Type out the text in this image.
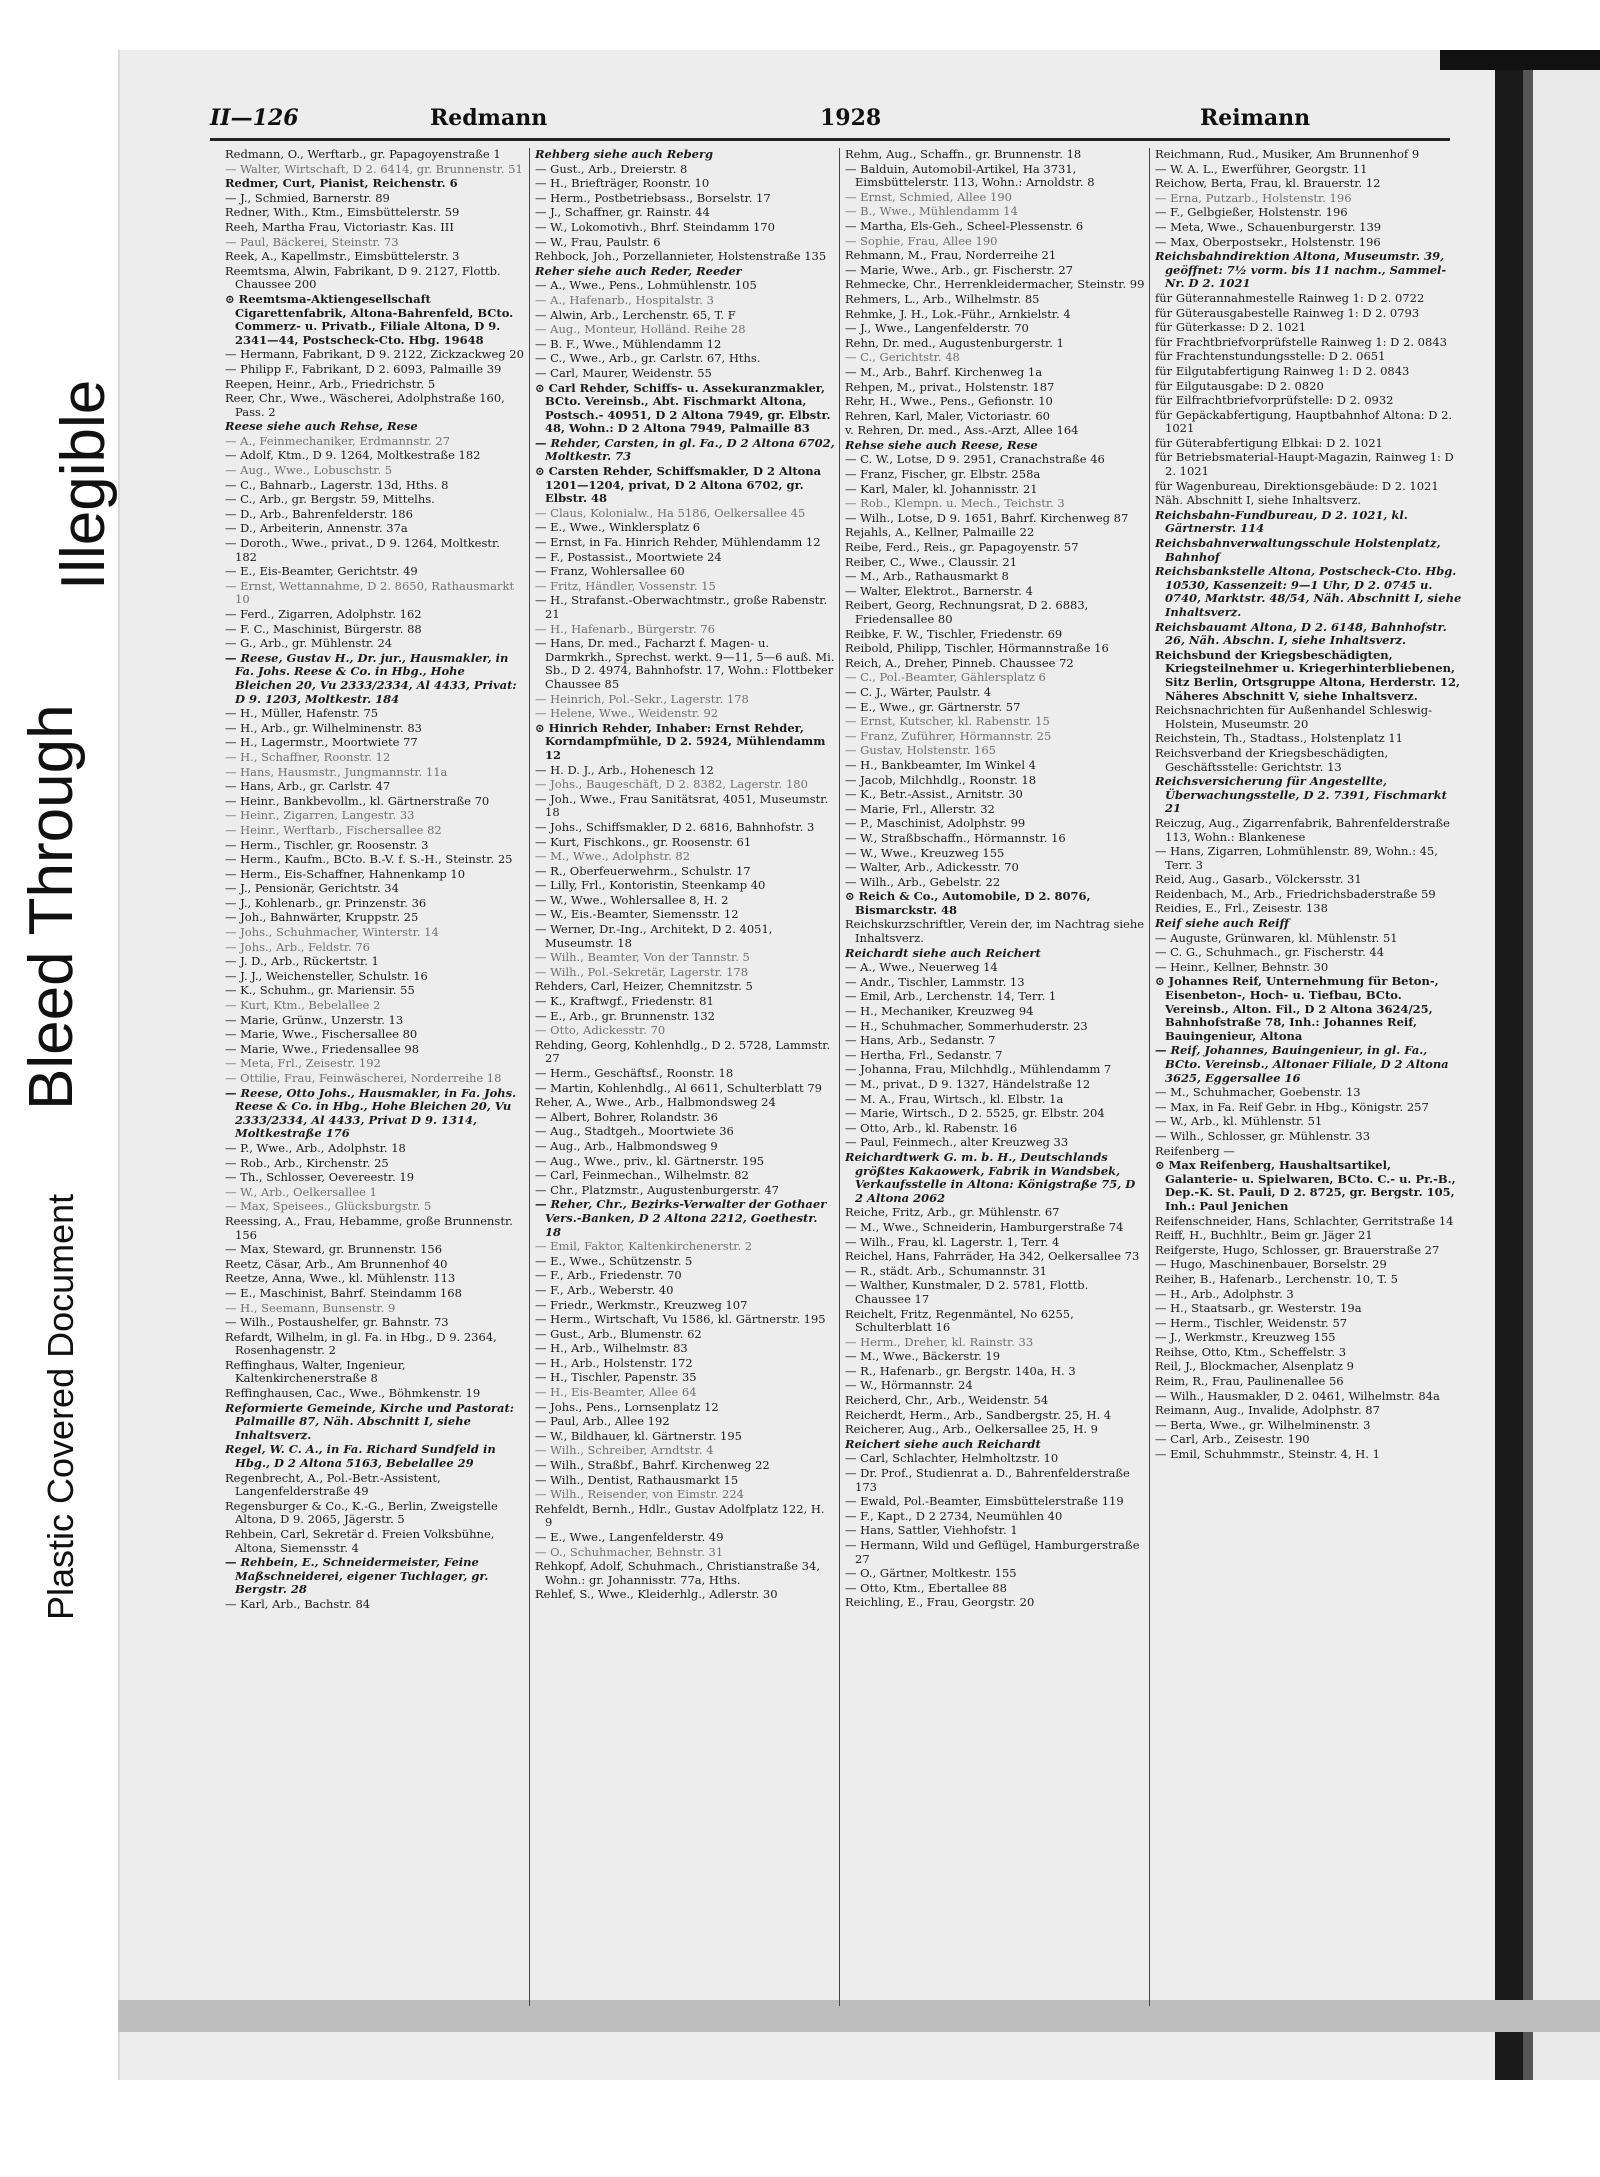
Plastic Covered Document
Bleed Through
Illegible
II—126	Redmann	1928	Reimann
Redmann, O., Werftarb., gr. Papagoyenstraße 1
— Walter, Wirtschaft, D 2. 6414, gr. Brunnenstr. 51
Redmer, Curt, Pianist, Reichenstr. 6
— J., Schmied, Barnerstr. 89
Redner, With., Ktm., Eimsbüttelerstr. 59
Reeh, Martha Frau, Victoriastr. Kas. III
— Paul, Bäckerei, Steinstr. 73
Reek, A., Kapellmstr., Eimsbüttelerstr. 3
Reemtsma, Alwin, Fabrikant, D 9. 2127, Flottb. Chaussee 200
⊙ Reemtsma-Aktiengesellschaft Cigarettenfabrik, Altona-Bahrenfeld, BCto. Commerz- u. Privatb., Filiale Altona, D 9. 2341—44, Postscheck-Cto. Hbg. 19648
— Hermann, Fabrikant, D 9. 2122, Zickzackweg 20
— Philipp F., Fabrikant, D 2. 6093, Palmaille 39
Reepen, Heinr., Arb., Friedrichstr. 5
Reer, Chr., Wwe., Wäscherei, Adolphstraße 160, Pass. 2
Reese siehe auch Rehse, Rese
— A., Feinmechaniker, Erdmannstr. 27
— Adolf, Ktm., D 9. 1264, Moltkestraße 182
— Aug., Wwe., Lobuschstr. 5
— C., Bahnarb., Lagerstr. 13d, Hths. 8
— C., Arb., gr. Bergstr. 59, Mittelhs.
— D., Arb., Bahrenfelderstr. 186
— D., Arbeiterin, Annenstr. 37a
— Doroth., Wwe., privat., D 9. 1264, Moltkestr. 182
— E., Eis-Beamter, Gerichtstr. 49
— Ernst, Wettannahme, D 2. 8650, Rathausmarkt 10
— Ferd., Zigarren, Adolphstr. 162
— F. C., Maschinist, Bürgerstr. 88
— G., Arb., gr. Mühlenstr. 24
— Reese, Gustav H., Dr. jur., Hausmakler, in Fa. Johs. Reese & Co. in Hbg., Hohe Bleichen 20, Vu 2333/2334, Al 4433, Privat: D 9. 1203, Moltkestr. 184
— H., Müller, Hafenstr. 75
— H., Arb., gr. Wilhelminenstr. 83
— H., Lagermstr., Moortwiete 77
— H., Schaffner, Roonstr. 12
— Hans, Hausmstr., Jungmannstr. 11a
— Hans, Arb., gr. Carlstr. 47
— Heinr., Bankbevollm., kl. Gärtnerstraße 70
— Heinr., Zigarren, Langestr. 33
— Heinr., Werftarb., Fischersallee 82
— Herm., Tischler, gr. Roosenstr. 3
— Herm., Kaufm., BCto. B.-V. f. S.-H., Steinstr. 25
— Herm., Eis-Schaffner, Hahnenkamp 10
— J., Pensionär, Gerichtstr. 34
— J., Kohlenarb., gr. Prinzenstr. 36
— Joh., Bahnwärter, Kruppstr. 25
— Johs., Schuhmacher, Winterstr. 14
— Johs., Arb., Feldstr. 76
— J. D., Arb., Rückertstr. 1
— J. J., Weichensteller, Schulstr. 16
— K., Schuhm., gr. Mariensir. 55
— Kurt, Ktm., Bebelallee 2
— Marie, Grünw., Unzerstr. 13
— Marie, Wwe., Fischersallee 80
— Marie, Wwe., Friedensallee 98
— Meta, Frl., Zeisestr. 192
— Ottilie, Frau, Feinwäscherei, Norderreihe 18
— Reese, Otto Johs., Hausmakler, in Fa. Johs. Reese & Co. in Hbg., Hohe Bleichen 20, Vu 2333/2334, Al 4433, Privat D 9. 1314, Moltkestraße 176
— P., Wwe., Arb., Adolphstr. 18
— Rob., Arb., Kirchenstr. 25
— Th., Schlosser, Oevereestr. 19
— W., Arb., Oelkersallee 1
— Max, Speisees., Glücksburgstr. 5
Reessing, A., Frau, Hebamme, große Brunnenstr. 156
— Max, Steward, gr. Brunnenstr. 156
Reetz, Cäsar, Arb., Am Brunnenhof 40
Reetze, Anna, Wwe., kl. Mühlenstr. 113
— E., Maschinist, Bahrf. Steindamm 168
— H., Seemann, Bunsenstr. 9
— Wilh., Postaushelfer, gr. Bahnstr. 73
Refardt, Wilhelm, in gl. Fa. in Hbg., D 9. 2364, Rosenhagenstr. 2
Reffinghaus, Walter, Ingenieur, Kaltenkirchenerstraße 8
Reffinghausen, Cac., Wwe., Böhmkenstr. 19
Reformierte Gemeinde, Kirche und Pastorat: Palmaille 87, Näh. Abschnitt I, siehe Inhaltsverz.
Regel, W. C. A., in Fa. Richard Sundfeld in Hbg., D 2 Altona 5163, Bebelallee 29
Regenbrecht, A., Pol.-Betr.-Assistent, Langenfelderstraße 49
Regensburger & Co., K.-G., Berlin, Zweigstelle Altona, D 9. 2065, Jägerstr. 5
Rehbein, Carl, Sekretär d. Freien Volksbühne, Altona, Siemensstr. 4
— Rehbein, E., Schneidermeister, Feine Maßschneiderei, eigener Tuchlager, gr. Bergstr. 28
— Karl, Arb., Bachstr. 84
Rehberg siehe auch Reberg
— Gust., Arb., Dreierstr. 8
— H., Briefträger, Roonstr. 10
— Herm., Postbetriebsass., Borselstr. 17
— J., Schaffner, gr. Rainstr. 44
— W., Lokomotivh., Bhrf. Steindamm 170
— W., Frau, Paulstr. 6
Rehbock, Joh., Porzellannieter, Holstenstraße 135
Reher siehe auch Reder, Reeder
— A., Wwe., Pens., Lohmühlenstr. 105
— A., Hafenarb., Hospitalstr. 3
— Alwin, Arb., Lerchenstr. 65, T. F
— Aug., Monteur, Holländ. Reihe 28
— B. F., Wwe., Mühlendamm 12
— C., Wwe., Arb., gr. Carlstr. 67, Hths.
— Carl, Maurer, Weidenstr. 55
⊙ Carl Rehder, Schiffs- u. Assekuranzmakler, BCto. Vereinsb., Abt. Fischmarkt Altona, Postsch.- 40951, D 2 Altona 7949, gr. Elbstr. 48, Wohn.: D 2 Altona 7949, Palmaille 83
— Rehder, Carsten, in gl. Fa., D 2 Altona 6702, Moltkestr. 73
⊙ Carsten Rehder, Schiffsmakler, D 2 Altona 1201—1204, privat, D 2 Altona 6702, gr. Elbstr. 48
— Claus, Kolonialw., Ha 5186, Oelkersallee 45
— E., Wwe., Winklersplatz 6
— Ernst, in Fa. Hinrich Rehder, Mühlendamm 12
— F., Postassist., Moortwiete 24
— Franz, Wohlersallee 60
— Fritz, Händler, Vossenstr. 15
— H., Strafanst.-Oberwachtmstr., große Rabenstr. 21
— H., Hafenarb., Bürgerstr. 76
— Hans, Dr. med., Facharzt f. Magen- u. Darmkrkh., Sprechst. werkt. 9—11, 5—6 auß. Mi. Sb., D 2. 4974, Bahnhofstr. 17, Wohn.: Flottbeker Chaussee 85
— Heinrich, Pol.-Sekr., Lagerstr. 178
— Helene, Wwe., Weidenstr. 92
⊙ Hinrich Rehder, Inhaber: Ernst Rehder, Korndampfmühle, D 2. 5924, Mühlendamm 12
— H. D. J., Arb., Hohenesch 12
— Johs., Baugeschäft, D 2. 8382, Lagerstr. 180
— Joh., Wwe., Frau Sanitätsrat, 4051, Museumstr. 18
— Johs., Schiffsmakler, D 2. 6816, Bahnhofstr. 3
— Kurt, Fischkons., gr. Roosenstr. 61
— M., Wwe., Adolphstr. 82
— R., Oberfeuerwehrm., Schulstr. 17
— Lilly, Frl., Kontoristin, Steenkamp 40
— W., Wwe., Wohlersallee 8, H. 2
— W., Eis.-Beamter, Siemensstr. 12
— Werner, Dr.-Ing., Architekt, D 2. 4051, Museumstr. 18
— Wilh., Beamter, Von der Tannstr. 5
— Wilh., Pol.-Sekretär, Lagerstr. 178
Rehders, Carl, Heizer, Chemnitzstr. 5
— K., Kraftwgf., Friedenstr. 81
— E., Arb., gr. Brunnenstr. 132
— Otto, Adickesstr. 70
Rehding, Georg, Kohlenhdlg., D 2. 5728, Lammstr. 27
— Herm., Geschäftsf., Roonstr. 18
— Martin, Kohlenhdlg., Al 6611, Schulterblatt 79
Reher, A., Wwe., Arb., Halbmondsweg 24
— Albert, Bohrer, Rolandstr. 36
— Aug., Stadtgeh., Moortwiete 36
— Aug., Arb., Halbmondsweg 9
— Aug., Wwe., priv., kl. Gärtnerstr. 195
— Carl, Feinmechan., Wilhelmstr. 82
— Chr., Platzmstr., Augustenburgerstr. 47
— Reher, Chr., Bezirks-Verwalter der Gothaer Vers.-Banken, D 2 Altona 2212, Goethestr. 18
— Emil, Faktor, Kaltenkirchenerstr. 2
— E., Wwe., Schützenstr. 5
— F., Arb., Friedenstr. 70
— F., Arb., Weberstr. 40
— Friedr., Werkmstr., Kreuzweg 107
— Herm., Wirtschaft, Vu 1586, kl. Gärtnerstr. 195
— Gust., Arb., Blumenstr. 62
— H., Arb., Wilhelmstr. 83
— H., Arb., Holstenstr. 172
— H., Tischler, Papenstr. 35
— H., Eis-Beamter, Allee 64
— Johs., Pens., Lornsenplatz 12
— Paul, Arb., Allee 192
— W., Bildhauer, kl. Gärtnerstr. 195
— Wilh., Schreiber, Arndtstr. 4
— Wilh., Straßbf., Bahrf. Kirchenweg 22
— Wilh., Dentist, Rathausmarkt 15
— Wilh., Reisender, von Eimstr. 224
Rehfeldt, Bernh., Hdlr., Gustav Adolfplatz 122, H. 9
— E., Wwe., Langenfelderstr. 49
— O., Schuhmacher, Behnstr. 31
Rehkopf, Adolf, Schuhmach., Christianstraße 34, Wohn.: gr. Johannisstr. 77a, Hths.
Rehlef, S., Wwe., Kleiderhlg., Adlerstr. 30
Rehm, Aug., Schaffn., gr. Brunnenstr. 18
— Balduin, Automobil-Artikel, Ha 3731, Eimsbüttelerstr. 113, Wohn.: Arnoldstr. 8
— Ernst, Schmied, Allee 190
— B., Wwe., Mühlendamm 14
— Martha, Els-Geh., Scheel-Plessenstr. 6
— Sophie, Frau, Allee 190
Rehmann, M., Frau, Norderreihe 21
— Marie, Wwe., Arb., gr. Fischerstr. 27
Rehmecke, Chr., Herrenkleidermacher, Steinstr. 99
Rehmers, L., Arb., Wilhelmstr. 85
Rehmke, J. H., Lok.-Führ., Arnkielstr. 4
— J., Wwe., Langenfelderstr. 70
Rehn, Dr. med., Augustenburgerstr. 1
— C., Gerichtstr. 48
— M., Arb., Bahrf. Kirchenweg 1a
Rehpen, M., privat., Holstenstr. 187
Rehr, H., Wwe., Pens., Gefionstr. 10
Rehren, Karl, Maler, Victoriastr. 60
v. Rehren, Dr. med., Ass.-Arzt, Allee 164
Rehse siehe auch Reese, Rese
— C. W., Lotse, D 9. 2951, Cranachstraße 46
— Franz, Fischer, gr. Elbstr. 258a
— Karl, Maler, kl. Johannisstr. 21
— Rob., Klempn. u. Mech., Teichstr. 3
— Wilh., Lotse, D 9. 1651, Bahrf. Kirchenweg 87
Rejahls, A., Kellner, Palmaille 22
Reibe, Ferd., Reis., gr. Papagoyenstr. 57
Reiber, C., Wwe., Claussir. 21
— M., Arb., Rathausmarkt 8
— Walter, Elektrot., Barnerstr. 4
Reibert, Georg, Rechnungsrat, D 2. 6883, Friedensallee 80
Reibke, F. W., Tischler, Friedenstr. 69
Reibold, Philipp, Tischler, Hörmannstraße 16
Reich, A., Dreher, Pinneb. Chaussee 72
— C., Pol.-Beamter, Gählersplatz 6
— C. J., Wärter, Paulstr. 4
— E., Wwe., gr. Gärtnerstr. 57
— Ernst, Kutscher, kl. Rabenstr. 15
— Franz, Zuführer, Hörmannstr. 25
— Gustav, Holstenstr. 165
— H., Bankbeamter, Im Winkel 4
— Jacob, Milchhdlg., Roonstr. 18
— K., Betr.-Assist., Arnitstr. 30
— Marie, Frl., Allerstr. 32
— P., Maschinist, Adolphstr. 99
— W., Straßbschaffn., Hörmannstr. 16
— W., Wwe., Kreuzweg 155
— Walter, Arb., Adickesstr. 70
— Wilh., Arb., Gebelstr. 22
⊙ Reich & Co., Automobile, D 2. 8076, Bismarckstr. 48
Reichskurzschriftler, Verein der, im Nachtrag siehe Inhaltsverz.
Reichardt siehe auch Reichert
— A., Wwe., Neuerweg 14
— Andr., Tischler, Lammstr. 13
— Emil, Arb., Lerchenstr. 14, Terr. 1
— H., Mechaniker, Kreuzweg 94
— H., Schuhmacher, Sommerhuderstr. 23
— Hans, Arb., Sedanstr. 7
— Hertha, Frl., Sedanstr. 7
— Johanna, Frau, Milchhdlg., Mühlendamm 7
— M., privat., D 9. 1327, Händelstraße 12
— M. A., Frau, Wirtsch., kl. Elbstr. 1a
— Marie, Wirtsch., D 2. 5525, gr. Elbstr. 204
— Otto, Arb., kl. Rabenstr. 16
— Paul, Feinmech., alter Kreuzweg 33
Reichardtwerk G. m. b. H., Deutschlands größtes Kakaowerk, Fabrik in Wandsbek, Verkaufsstelle in Altona: Königstraße 75, D 2 Altona 2062
Reiche, Fritz, Arb., gr. Mühlenstr. 67
— M., Wwe., Schneiderin, Hamburgerstraße 74
— Wilh., Frau, kl. Lagerstr. 1, Terr. 4
Reichel, Hans, Fahrräder, Ha 342, Oelkersallee 73
— R., städt. Arb., Schumannstr. 31
— Walther, Kunstmaler, D 2. 5781, Flottb. Chaussee 17
Reichelt, Fritz, Regenmäntel, No 6255, Schulterblatt 16
— Herm., Dreher, kl. Rainstr. 33
— M., Wwe., Bäckerstr. 19
— R., Hafenarb., gr. Bergstr. 140a, H. 3
— W., Hörmannstr. 24
Reicherd, Chr., Arb., Weidenstr. 54
Reicherdt, Herm., Arb., Sandbergstr. 25, H. 4
Reicherer, Aug., Arb., Oelkersallee 25, H. 9
Reichert siehe auch Reichardt
— Carl, Schlachter, Helmholtzstr. 10
— Dr. Prof., Studienrat a. D., Bahrenfelderstraße 173
— Ewald, Pol.-Beamter, Eimsbüttelerstraße 119
— F., Kapt., D 2 2734, Neumühlen 40
— Hans, Sattler, Viehhofstr. 1
— Hermann, Wild und Geflügel, Hamburgerstraße 27
— O., Gärtner, Moltkestr. 155
— Otto, Ktm., Ebertallee 88
Reichling, E., Frau, Georgstr. 20
Reichmann, Rud., Musiker, Am Brunnenhof 9
— W. A. L., Ewerführer, Georgstr. 11
Reichow, Berta, Frau, kl. Brauerstr. 12
— Erna, Putzarb., Holstenstr. 196
— F., Gelbgießer, Holstenstr. 196
— Meta, Wwe., Schauenburgerstr. 139
— Max, Oberpostsekr., Holstenstr. 196
Reichsbahndirektion Altona, Museumstr. 39, geöffnet: 7½ vorm. bis 11 nachm., Sammel-Nr. D 2. 1021
für Güterannahmestelle Rainweg 1: D 2. 0722
für Güterausgabestelle Rainweg 1: D 2. 0793
für Güterkasse: D 2. 1021
für Frachtbriefvorprüfstelle Rainweg 1: D 2. 0843
für Frachtenstundungsstelle: D 2. 0651
für Eilgutabfertigung Rainweg 1: D 2. 0843
für Eilgutausgabe: D 2. 0820
für Eilfrachtbriefvorprüfstelle: D 2. 0932
für Gepäckabfertigung, Hauptbahnhof Altona: D 2. 1021
für Güterabfertigung Elbkai: D 2. 1021
für Betriebsmaterial-Haupt-Magazin, Rainweg 1: D 2. 1021
für Wagenbureau, Direktionsgebäude: D 2. 1021
Näh. Abschnitt I, siehe Inhaltsverz.
Reichsbahn-Fundbureau, D 2. 1021, kl. Gärtnerstr. 114
Reichsbahnverwaltungsschule Holstenplatz, Bahnhof
Reichsbankstelle Altona, Postscheck-Cto. Hbg. 10530, Kassenzeit: 9—1 Uhr, D 2. 0745 u. 0740, Marktstr. 48/54, Näh. Abschnitt I, siehe Inhaltsverz.
Reichsbauamt Altona, D 2. 6148, Bahnhofstr. 26, Näh. Abschn. I, siehe Inhaltsverz.
Reichsbund der Kriegsbeschädigten, Kriegsteilnehmer u. Kriegerhinterbliebenen, Sitz Berlin, Ortsgruppe Altona, Herderstr. 12, Näheres Abschnitt V, siehe Inhaltsverz.
Reichsnachrichten für Außenhandel Schleswig-Holstein, Museumstr. 20
Reichstein, Th., Stadtass., Holstenplatz 11
Reichsverband der Kriegsbeschädigten, Geschäftsstelle: Gerichtstr. 13
Reichsversicherung für Angestellte, Überwachungsstelle, D 2. 7391, Fischmarkt 21
Reiczug, Aug., Zigarrenfabrik, Bahrenfelderstraße 113, Wohn.: Blankenese
— Hans, Zigarren, Lohmühlenstr. 89, Wohn.: 45, Terr. 3
Reid, Aug., Gasarb., Völckersstr. 31
Reidenbach, M., Arb., Friedrichsbaderstraße 59
Reidies, E., Frl., Zeisestr. 138
Reif siehe auch Reiff
— Auguste, Grünwaren, kl. Mühlenstr. 51
— C. G., Schuhmach., gr. Fischerstr. 44
— Heinr., Kellner, Behnstr. 30
⊙ Johannes Reif, Unternehmung für Beton-, Eisenbeton-, Hoch- u. Tiefbau, BCto. Vereinsb., Alton. Fil., D 2 Altona 3624/25, Bahnhofstraße 78, Inh.: Johannes Reif, Bauingenieur, Altona
— Reif, Johannes, Bauingenieur, in gl. Fa., BCto. Vereinsb., Altonaer Filiale, D 2 Altona 3625, Eggersallee 16
— M., Schuhmacher, Goebenstr. 13
— Max, in Fa. Reif Gebr. in Hbg., Königstr. 257
— W., Arb., kl. Mühlenstr. 51
— Wilh., Schlosser, gr. Mühlenstr. 33
Reifenberg —
⊙ Max Reifenberg, Haushaltsartikel, Galanterie- u. Spielwaren, BCto. C.- u. Pr.-B., Dep.-K. St. Pauli, D 2. 8725, gr. Bergstr. 105, Inh.: Paul Jenichen
Reifenschneider, Hans, Schlachter, Gerritstraße 14
Reiff, H., Buchhltr., Beim gr. Jäger 21
Reifgerste, Hugo, Schlosser, gr. Brauerstraße 27
— Hugo, Maschinenbauer, Borselstr. 29
Reiher, B., Hafenarb., Lerchenstr. 10, T. 5
— H., Arb., Adolphstr. 3
— H., Staatsarb., gr. Westerstr. 19a
— Herm., Tischler, Weidenstr. 57
— J., Werkmstr., Kreuzweg 155
Reihse, Otto, Ktm., Scheffelstr. 3
Reil, J., Blockmacher, Alsenplatz 9
Reim, R., Frau, Paulinenallee 56
— Wilh., Hausmakler, D 2. 0461, Wilhelmstr. 84a
Reimann, Aug., Invalide, Adolphstr. 87
— Berta, Wwe., gr. Wilhelminenstr. 3
— Carl, Arb., Zeisestr. 190
— Emil, Schuhmmstr., Steinstr. 4, H. 1
